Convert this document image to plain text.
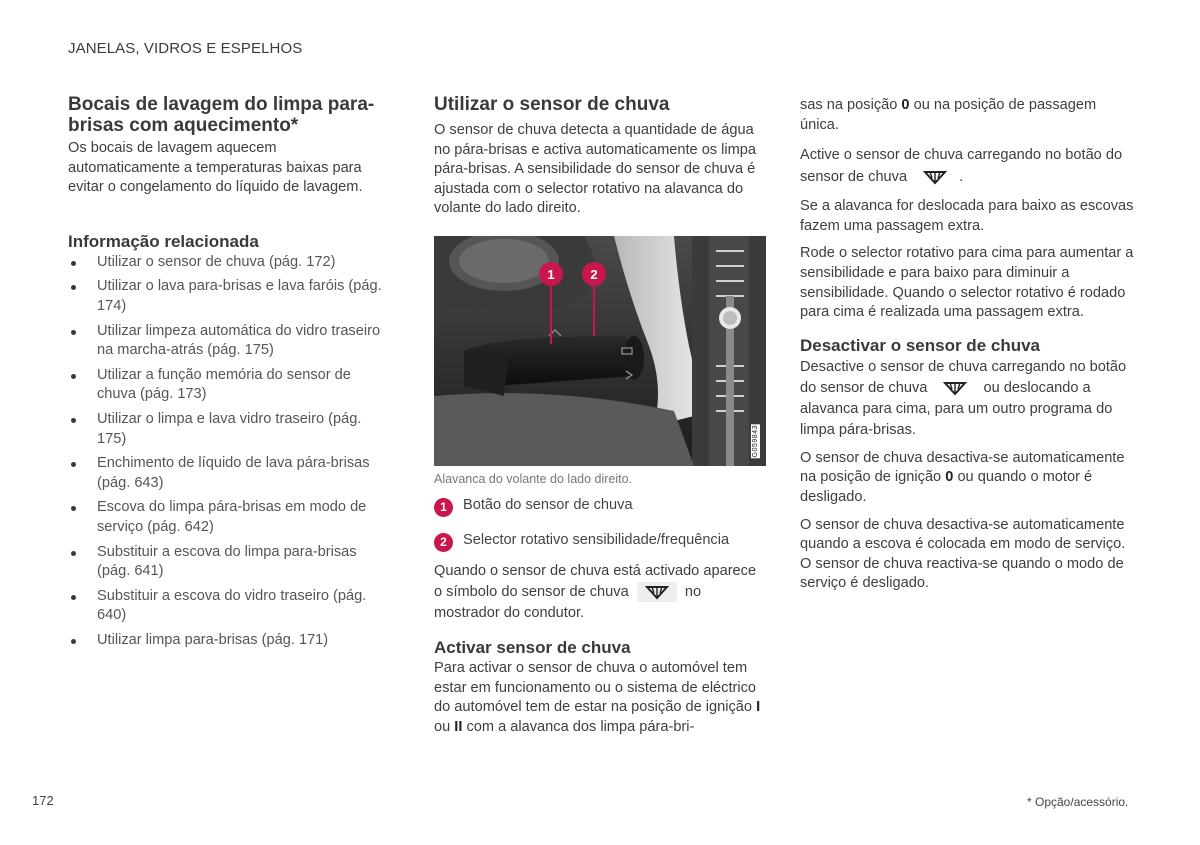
JANELAS, VIDROS E ESPELHOS
Bocais de lavagem do limpa para-brisas com aquecimento*

Os bocais de lavagem aquecem automaticamente a temperaturas baixas para evitar o congelamento do líquido de lavagem.

Informação relacionada
Utilizar o sensor de chuva (pág. 172)
Utilizar o lava para-brisas e lava faróis (pág. 174)
Utilizar limpeza automática do vidro traseiro na marcha-atrás (pág. 175)
Utilizar a função memória do sensor de chuva (pág. 173)
Utilizar o limpa e lava vidro traseiro (pág. 175)
Enchimento de líquido de lava pára-brisas (pág. 643)
Escova do limpa pára-brisas em modo de serviço (pág. 642)
Substituir a escova do limpa para-brisas (pág. 641)
Substituir a escova do vidro traseiro (pág. 640)
Utilizar limpa para-brisas (pág. 171)
Utilizar o sensor de chuva

O sensor de chuva detecta a quantidade de água no pára-brisas e activa automaticamente os limpa pára-brisas. A sensibilidade do sensor de chuva é ajustada com o selector rotativo na alavanca do volante do lado direito.

1	2
G059843
Alavanca do volante do lado direito.
1	Botão do sensor de chuva
2	Selector rotativo sensibilidade/frequência

Quando o sensor de chuva está activado aparece o símbolo do sensor de chuva	no mostrador do condutor.

Activar sensor de chuva

Para activar o sensor de chuva o automóvel tem estar em funcionamento ou o sistema de eléctrico do automóvel tem de estar na posição de ignição I ou II com a alavanca dos limpa pára-bri-

sas na posição 0 ou na posição de passagem única.

Active o sensor de chuva carregando no botão do sensor de chuva	.

Se a alavanca for deslocada para baixo as escovas fazem uma passagem extra.

Rode o selector rotativo para cima para aumentar a sensibilidade e para baixo para diminuir a sensibilidade. Quando o selector rotativo é rodado para cima é realizada uma passagem extra.

Desactivar o sensor de chuva

Desactive o sensor de chuva carregando no botão do sensor de chuva	ou deslocando a alavanca para cima, para um outro programa do limpa pára-brisas.

O sensor de chuva desactiva-se automaticamente na posição de ignição 0 ou quando o motor é desligado.

O sensor de chuva desactiva-se automaticamente quando a escova é colocada em modo de serviço. O sensor de chuva reactiva-se quando o modo de serviço é desligado.

172	* Opção/acessório.
